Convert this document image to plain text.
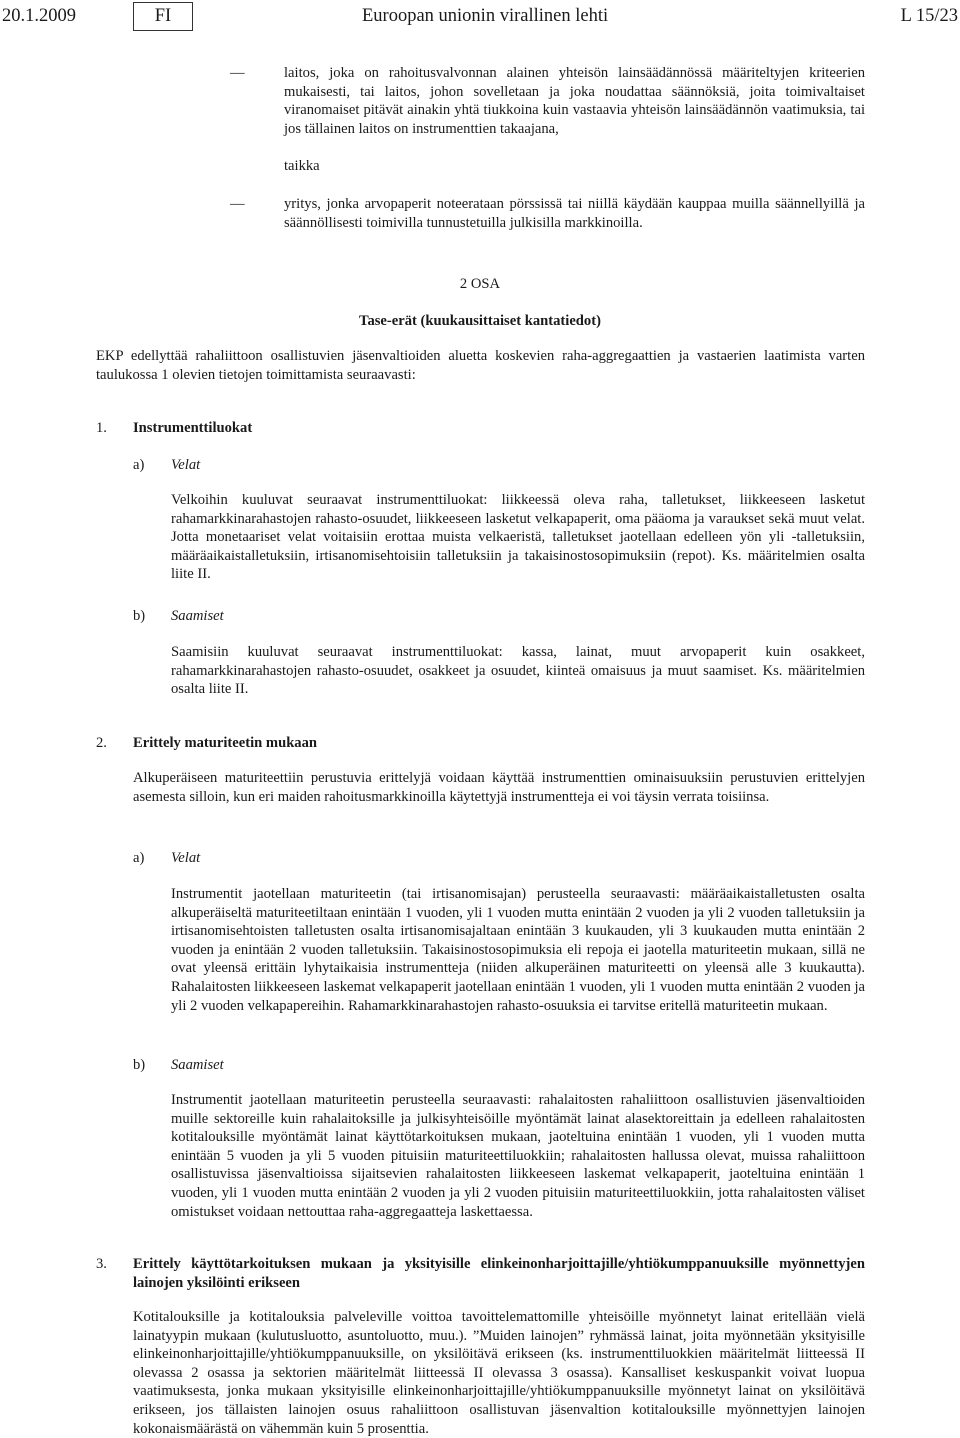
20.1.2009	FI	Euroopan unionin virallinen lehti	L 15/23
—	laitos, joka on rahoitusvalvonnan alainen yhteisön lainsäädännössä määriteltyjen kriteerien mukaisesti, tai laitos, johon sovelletaan ja joka noudattaa säännöksiä, joita toimivaltaiset viranomaiset pitävät ainakin yhtä tiukkoina kuin vastaavia yhteisön lainsäädännön vaatimuksia, tai jos tällainen laitos on instrumenttien takaajana,
taikka
—	yritys, jonka arvopaperit noteerataan pörssissä tai niillä käydään kauppaa muilla säännellyillä ja säännöllisesti toimivilla tunnustetuilla julkisilla markkinoilla.
2 OSA
Tase-erät (kuukausittaiset kantatiedot)
EKP edellyttää rahaliittoon osallistuvien jäsenvaltioiden aluetta koskevien raha-aggregaattien ja vastaerien laatimista varten taulukossa 1 olevien tietojen toimittamista seuraavasti:
1. Instrumenttiluokat
a) Velat
Velkoihin kuuluvat seuraavat instrumenttiluokat: liikkeessä oleva raha, talletukset, liikkeeseen lasketut rahamarkkinarahastojen rahasto-osuudet, liikkeeseen lasketut velkapaperit, oma pääoma ja varaukset sekä muut velat. Jotta monetaariset velat voitaisiin erottaa muista velkaeristä, talletukset jaotellaan edelleen yön yli -talletuksiin, määräaikaistalletuksiin, irtisanomisehtoisiin talletuksiin ja takaisinostosopimuksiin (repot). Ks. määritelmien osalta liite II.
b) Saamiset
Saamisiin kuuluvat seuraavat instrumenttiluokat: kassa, lainat, muut arvopaperit kuin osakkeet, rahamarkkinarahastojen rahasto-osuudet, osakkeet ja osuudet, kiinteä omaisuus ja muut saamiset. Ks. määritelmien osalta liite II.
2. Erittely maturiteetin mukaan
Alkuperäiseen maturiteettiin perustuvia erittelyjä voidaan käyttää instrumenttien ominaisuuksiin perustuvien erittelyjen asemesta silloin, kun eri maiden rahoitusmarkkinoilla käytettyjä instrumentteja ei voi täysin verrata toisiinsa.
a) Velat
Instrumentit jaotellaan maturiteetin (tai irtisanomisajan) perusteella seuraavasti: määräaikaistalletusten osalta alkuperäiseltä maturiteetiltaan enintään 1 vuoden, yli 1 vuoden mutta enintään 2 vuoden ja yli 2 vuoden talletuksiin ja irtisanomisehtoisten talletusten osalta irtisanomisajaltaan enintään 3 kuukauden, yli 3 kuukauden mutta enintään 2 vuoden ja enintään 2 vuoden talletuksiin. Takaisinostosopimuksia eli repoja ei jaotella maturiteetin mukaan, sillä ne ovat yleensä erittäin lyhytaikaisia instrumentteja (niiden alkuperäinen maturiteetti on yleensä alle 3 kuukautta). Rahalaitosten liikkeeseen laskemat velkapaperit jaotellaan enintään 1 vuoden, yli 1 vuoden mutta enintään 2 vuoden ja yli 2 vuoden velkapapereihin. Rahamarkkinarahastojen rahasto-osuuksia ei tarvitse eritellä maturiteetin mukaan.
b) Saamiset
Instrumentit jaotellaan maturiteetin perusteella seuraavasti: rahalaitosten rahaliittoon osallistuvien jäsenvaltioiden muille sektoreille kuin rahalaitoksille ja julkisyhteisöille myöntämät lainat alasektoreittain ja edelleen rahalaitosten kotitalouksille myöntämät lainat käyttötarkoituksen mukaan, jaoteltuina enintään 1 vuoden, yli 1 vuoden mutta enintään 5 vuoden ja yli 5 vuoden pituisiin maturiteettiluokkiin; rahalaitosten hallussa olevat, muissa rahaliittoon osallistuvissa jäsenvaltioissa sijaitsevien rahalaitosten liikkeeseen laskemat velkapaperit, jaoteltuina enintään 1 vuoden, yli 1 vuoden mutta enintään 2 vuoden ja yli 2 vuoden pituisiin maturiteettiluokkiin, jotta rahalaitosten väliset omistukset voidaan nettouttaa raha-aggregaatteja laskettaessa.
3. Erittely käyttötarkoituksen mukaan ja yksityisille elinkeinonharjoittajille/yhtiökumppanuuksille myönnettyjen lainojen yksilöinti erikseen
Kotitalouksille ja kotitalouksia palveleville voittoa tavoittelemattomille yhteisöille myönnetyt lainat eritellään vielä lainatyypin mukaan (kulutusluotto, asuntoluotto, muu.). ”Muiden lainojen” ryhmässä lainat, joita myönnetään yksityisille elinkeinonharjoittajille/yhtiökumppanuuksille, on yksilöitävä erikseen (ks. instrumenttiluokkien määritelmät liitteessä II olevassa 2 osassa ja sektorien määritelmät liitteessä II olevassa 3 osassa). Kansalliset keskuspankit voivat luopua vaatimuksesta, jonka mukaan yksityisille elinkeinonharjoittajille/yhtiökumppanuuksille myönnetyt lainat on yksilöitävä erikseen, jos tällaisten lainojen osuus rahaliittoon osallistuvan jäsenvaltion kotitalouksille myönnettyjen lainojen kokonaismäärästä on vähemmän kuin 5 prosenttia.
